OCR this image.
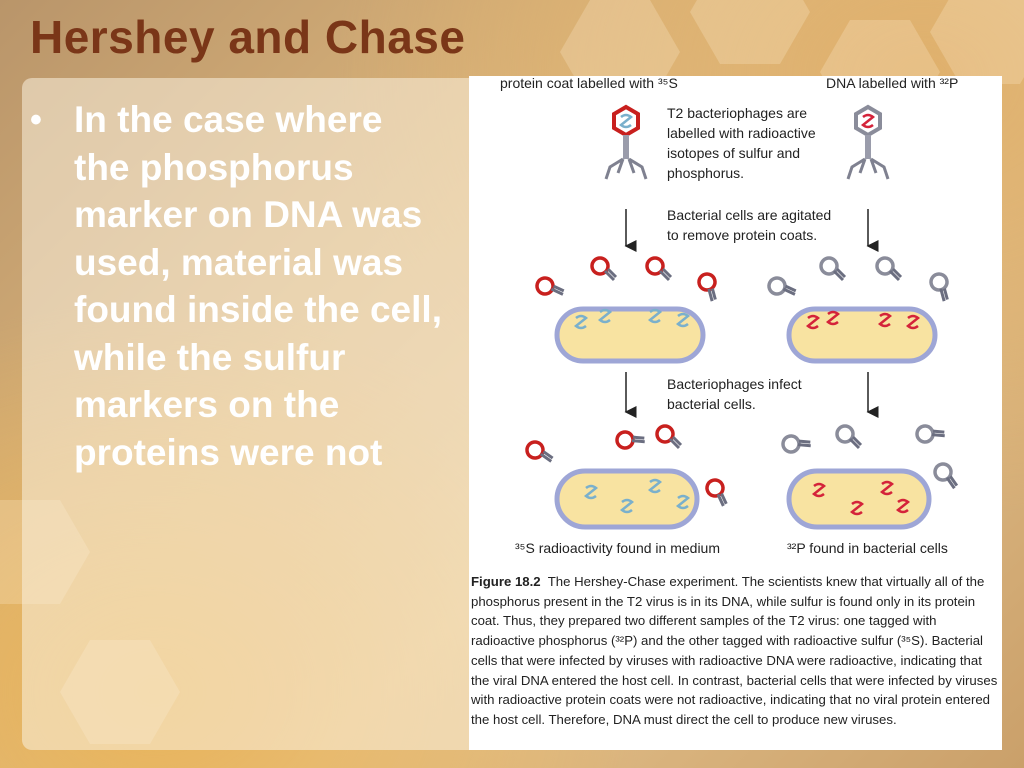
Hershey and Chase
• In the case where the phosphorus marker on DNA was used, material was found inside the cell, while the sulfur markers on the proteins were not

protein coat labelled with ³⁵S	DNA labelled with ³²P
T2 bacteriophages are labelled with radioactive isotopes of sulfur and phosphorus.
Bacterial cells are agitated to remove protein coats.
Bacteriophages infect bacterial cells.
³⁵S radioactivity found in medium	³²P found in bacterial cells

Figure 18.2 The Hershey-Chase experiment. The scientists knew that virtually all of the phosphorus present in the T2 virus is in its DNA, while sulfur is found only in its protein coat. Thus, they prepared two different samples of the T2 virus: one tagged with radioactive phosphorus (³²P) and the other tagged with radioactive sulfur (³⁵S). Bacterial cells that were infected by viruses with radioactive DNA were radioactive, indicating that the viral DNA entered the host cell. In contrast, bacterial cells that were infected by viruses with radioactive protein coats were not radioactive, indicating that no viral protein entered the host cell. Therefore, DNA must direct the cell to produce new viruses.
